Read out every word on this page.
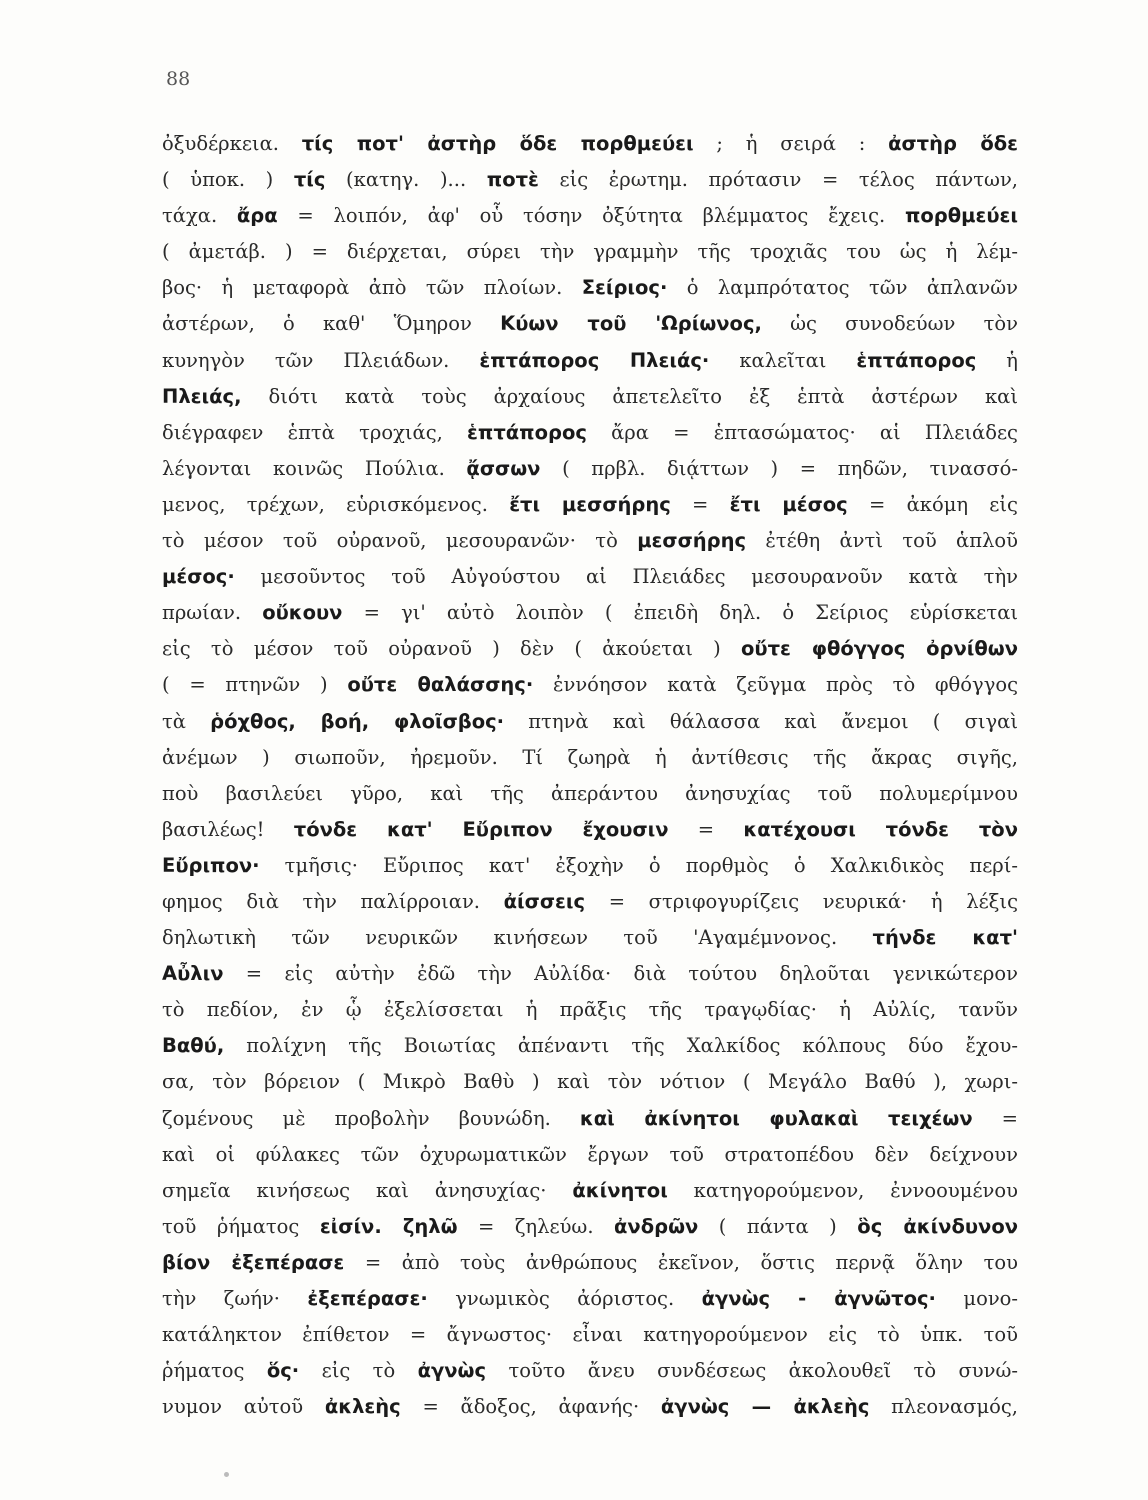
88
ὀξυδέρκεια. τίς ποτ' ἀστὴρ ὅδε πορθμεύει ; ἡ σειρά : ἀστὴρ ὅδε
( ὑποκ. ) τίς (κατηγ. )... ποτὲ εἰς ἐρωτημ. πρότασιν = τέλος πάντων,
τάχα. ἄρα = λοιπόν, ἀφ' οὗ τόσην ὀξύτητα βλέμματος ἔχεις. πορθμεύει
( ἀμετάβ. ) = διέρχεται, σύρει τὴν γραμμὴν τῆς τροχιᾶς του ὡς ἡ λέμ-
βος· ἡ μεταφορὰ ἀπὸ τῶν πλοίων. Σείριος· ὁ λαμπρότατος τῶν ἀπλανῶν
ἀστέρων, ὁ καθ' Ὅμηρον Κύων τοῦ 'Ωρίωνος, ὡς συνοδεύων τὸν
κυνηγὸν τῶν Πλειάδων. ἑπτάπορος Πλειάς· καλεῖται ἑπτάπορος ἡ
Πλειάς, διότι κατὰ τοὺς ἀρχαίους ἀπετελεῖτο ἐξ ἑπτὰ ἀστέρων καὶ
διέγραφεν ἑπτὰ τροχιάς, ἑπτάπορος ἄρα = ἑπτασώματος· αἱ Πλειάδες
λέγονται κοινῶς Πούλια. ᾄσσων ( πρβλ. διᾴττων ) = πηδῶν, τινασσό-
μενος, τρέχων, εὑρισκόμενος. ἔτι μεσσήρης = ἔτι μέσος = ἀκόμη εἰς
τὸ μέσον τοῦ οὐρανοῦ, μεσουρανῶν· τὸ μεσσήρης ἐτέθη ἀντὶ τοῦ ἁπλοῦ
μέσος· μεσοῦντος τοῦ Αὐγούστου αἱ Πλειάδες μεσουρανοῦν κατὰ τὴν
πρωίαν. οὔκουν = γι' αὐτὸ λοιπὸν ( ἐπειδὴ δηλ. ὁ Σείριος εὑρίσκεται
εἰς τὸ μέσον τοῦ οὐρανοῦ ) δὲν ( ἀκούεται ) οὔτε φθόγγος ὀρνίθων
( = πτηνῶν ) οὔτε θαλάσσης· ἐννόησον κατὰ ζεῦγμα πρὸς τὸ φθόγγος
τὰ ῥόχθος, βοή, φλοῖσβος· πτηνὰ καὶ θάλασσα καὶ ἄνεμοι ( σιγαὶ
ἀνέμων ) σιωποῦν, ἠρεμοῦν. Τί ζωηρὰ ἡ ἀντίθεσις τῆς ἄκρας σιγῆς,
ποὺ βασιλεύει γῦρο, καὶ τῆς ἀπεράντου ἀνησυχίας τοῦ πολυμερίμνου
βασιλέως! τόνδε κατ' Εὔριπον ἔχουσιν = κατέχουσι τόνδε τὸν
Εὔριπον· τμῆσις· Εὔριπος κατ' ἐξοχὴν ὁ πορθμὸς ὁ Χαλκιδικὸς περί-
φημος διὰ τὴν παλίρροιαν. ἀίσσεις = στριφογυρίζεις νευρικά· ἡ λέξις
δηλωτικὴ τῶν νευρικῶν κινήσεων τοῦ 'Αγαμέμνονος. τήνδε κατ'
Αὖλιν = εἰς αὐτὴν ἐδῶ τὴν Αὐλίδα· διὰ τούτου δηλοῦται γενικώτερον
τὸ πεδίον, ἐν ᾧ ἐξελίσσεται ἡ πρᾶξις τῆς τραγῳδίας· ἡ Αὐλίς, τανῦν
Βαθύ, πολίχνη τῆς Βοιωτίας ἀπέναντι τῆς Χαλκίδος κόλπους δύο ἔχου-
σα, τὸν βόρειον ( Μικρὸ Βαθὺ ) καὶ τὸν νότιον ( Μεγάλο Βαθύ ), χωρι-
ζομένους μὲ προβολὴν βουνώδη. καὶ ἀκίνητοι φυλακαὶ τειχέων =
καὶ οἱ φύλακες τῶν ὀχυρωματικῶν ἔργων τοῦ στρατοπέδου δὲν δείχνουν
σημεῖα κινήσεως καὶ ἀνησυχίας· ἀκίνητοι κατηγορούμενον, ἐννοουμένου
τοῦ ῥήματος εἰσίν. ζηλῶ = ζηλεύω. ἀνδρῶν ( πάντα ) ὃς ἀκίνδυνον
βίον ἐξεπέρασε = ἀπὸ τοὺς ἀνθρώπους ἐκεῖνον, ὅστις περνᾷ ὅλην του
τὴν ζωήν· ἐξεπέρασε· γνωμικὸς ἀόριστος. ἀγνὼς - ἀγνῶτος· μονο-
κατάληκτον ἐπίθετον = ἄγνωστος· εἶναι κατηγορούμενον εἰς τὸ ὑπκ. τοῦ
ῥήματος ὅς· εἰς τὸ ἀγνὼς τοῦτο ἄνευ συνδέσεως ἀκολουθεῖ τὸ συνώ-
νυμον αὐτοῦ ἀκλεὴς = ἄδοξος, ἀφανής· ἀγνὼς — ἀκλεὴς πλεονασμός,
